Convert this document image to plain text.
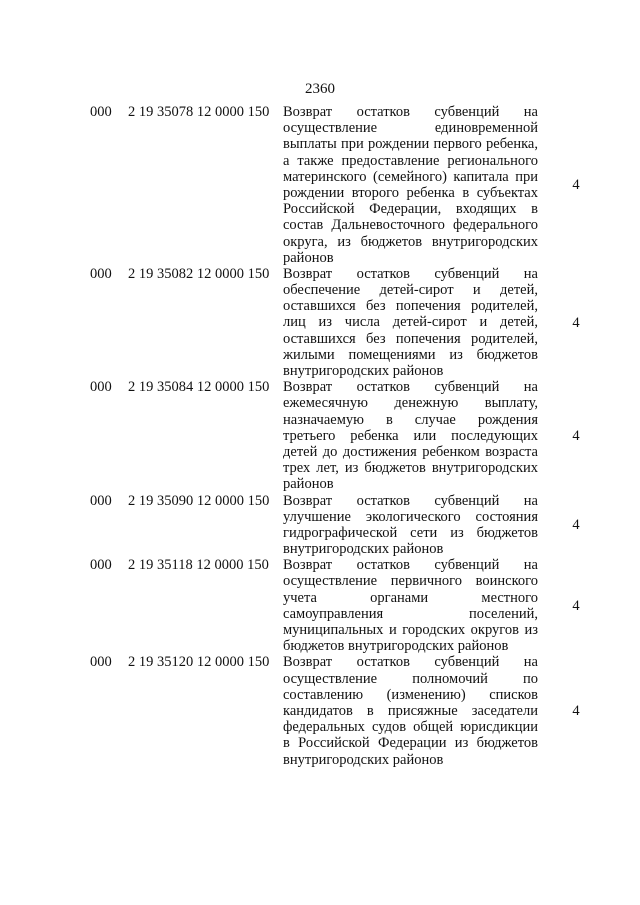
2360
000 2 19 35078 12 0000 150 Возврат остатков субвенций на
осуществление единовременной
выплаты при рождении первого ребенка,
а также предоставление регионального
материнского (семейного) капитала при
рождении второго ребенка в субъектах
Российской Федерации, входящих в
состав Дальневосточного федерального
округа, из бюджетов внутригородских
районов
4
000 2 19 35082 12 0000 150 Возврат остатков субвенций на
обеспечение детей-сирот и детей,
оставшихся без попечения родителей,
лиц из числа детей-сирот и детей,
оставшихся без попечения родителей,
жилыми помещениями из бюджетов
внутригородских районов
4
000 2 19 35084 12 0000 150 Возврат остатков субвенций на
ежемесячную денежную выплату,
назначаемую в случае рождения
третьего ребенка или последующих
детей до достижения ребенком возраста
трех лет, из бюджетов внутригородских
районов
4
000 2 19 35090 12 0000 150 Возврат остатков субвенций на
улучшение экологического состояния
гидрографической сети из бюджетов
внутригородских районов
4
000 2 19 35118 12 0000 150 Возврат остатков субвенций на
осуществление первичного воинского
учета органами местного
самоуправления поселений,
муниципальных и городских округов из
бюджетов внутригородских районов
4
000 2 19 35120 12 0000 150 Возврат остатков субвенций на
осуществление полномочий по
составлению (изменению) списков
кандидатов в присяжные заседатели
федеральных судов общей юрисдикции
в Российской Федерации из бюджетов
внутригородских районов
4
